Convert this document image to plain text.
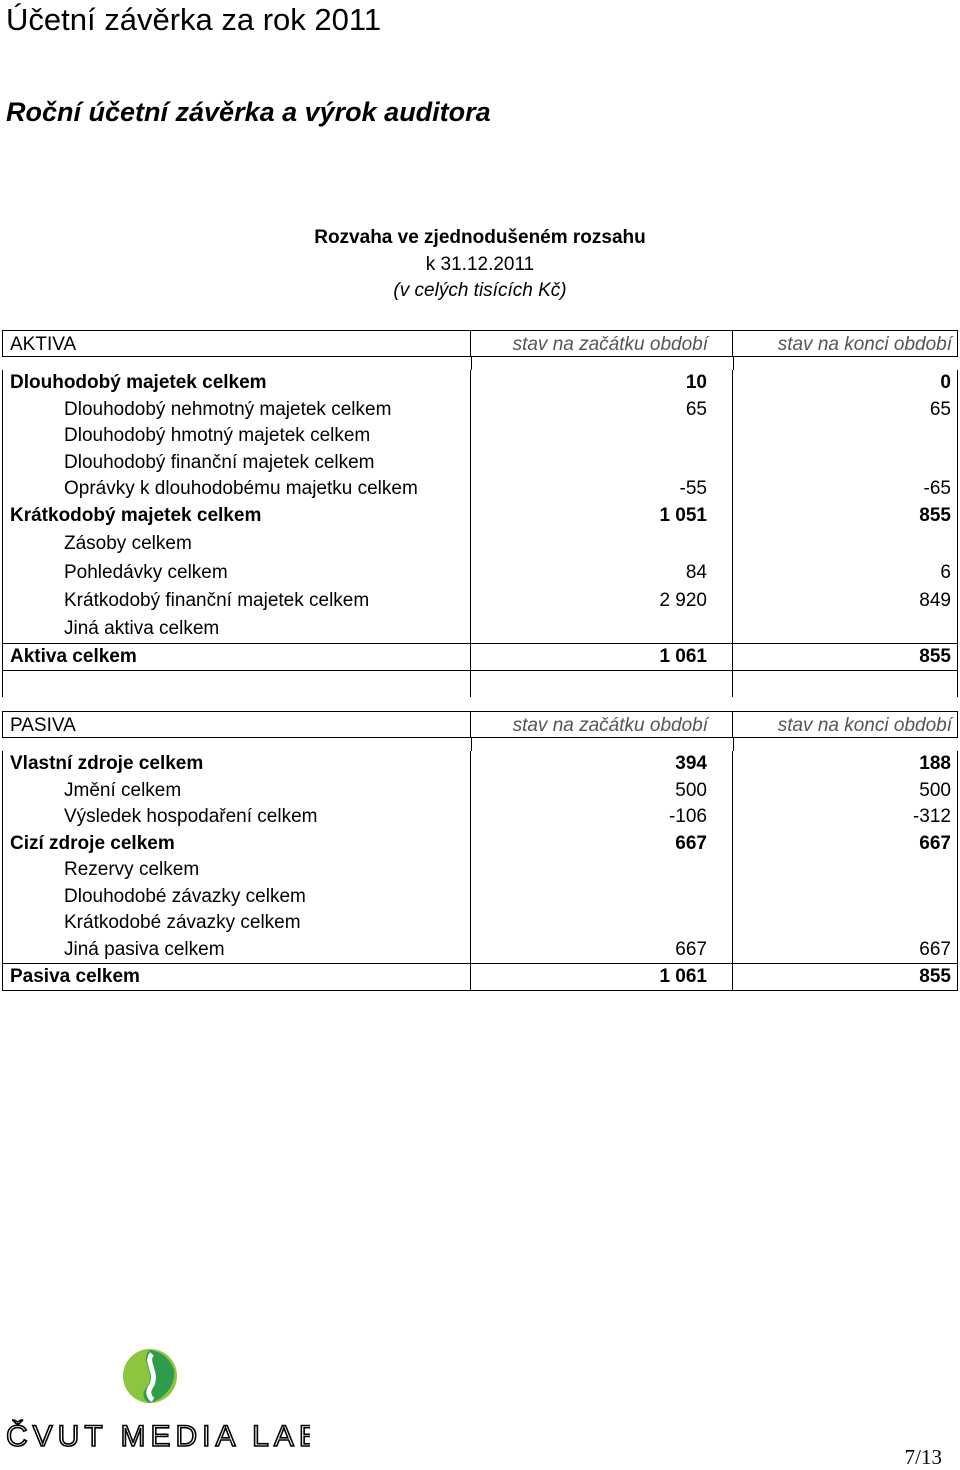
Účetní závěrka za rok 2011
Roční účetní závěrka a výrok auditora
Rozvaha ve zjednodušeném rozsahu
k 31.12.2011
(v celých tisících Kč)
AKTIVA	stav na začátku období	stav na konci období
Dlouhodobý majetek celkem	10	0
Dlouhodobý nehmotný majetek celkem	65	65
Dlouhodobý hmotný majetek celkem
Dlouhodobý finanční majetek celkem
Oprávky k dlouhodobému majetku celkem	-55	-65
Krátkodobý majetek celkem	1 051	855
Zásoby celkem
Pohledávky celkem	84	6
Krátkodobý finanční majetek celkem	2 920	849
Jiná aktiva celkem
Aktiva celkem	1 061	855
PASIVA	stav na začátku období	stav na konci období
Vlastní zdroje celkem	394	188
Jmění celkem	500	500
Výsledek hospodaření celkem	-106	-312
Cizí zdroje celkem	667	667
Rezervy celkem
Dlouhodobé závazky celkem
Krátkodobé závazky celkem
Jiná pasiva celkem	667	667
Pasiva celkem	1 061	855
ČVUT MEDIA LAB
7/13
